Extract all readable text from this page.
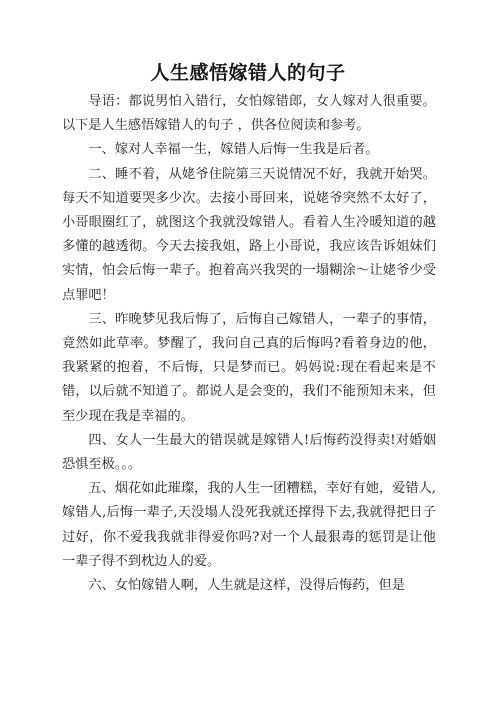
人生感悟嫁错人的句子

导语：都说男怕入错行，女怕嫁错郎，女人嫁对人很重要。以下是人生感悟嫁错人的句子 ，供各位阅读和参考。

一、嫁对人幸福一生，嫁错人后悔一生我是后者。

二、睡不着，从姥爷住院第三天说情况不好，我就开始哭。每天不知道要哭多少次。去接小哥回来，说姥爷突然不太好了，小哥眼圈红了，就图这个我就没嫁错人。看着人生冷暖知道的越多懂的越透彻。今天去接我姐，路上小哥说，我应该告诉姐妹们实情，怕会后悔一辈子。抱着高兴我哭的一塌糊涂～让姥爷少受点罪吧！

三、昨晚梦见我后悔了，后悔自己嫁错人，一辈子的事情，竟然如此草率。梦醒了，我问自己真的后悔吗?看着身边的他，我紧紧的抱着，不后悔，只是梦而已。妈妈说:现在看起来是不错，以后就不知道了。都说人是会变的，我们不能预知未来，但至少现在我是幸福的。

四、女人一生最大的错误就是嫁错人!后悔药没得卖!对婚姻恐惧至极。。。

五、烟花如此璀璨，我的人生一团糟糕，幸好有她，爱错人,嫁错人,后悔一辈子,天没塌人没死我就还撑得下去,我就得把日子过好，你不爱我我就非得爱你吗?对一个人最狠毒的惩罚是让他一辈子得不到枕边人的爱。

六、女怕嫁错人啊，人生就是这样，没得后悔药，但是
